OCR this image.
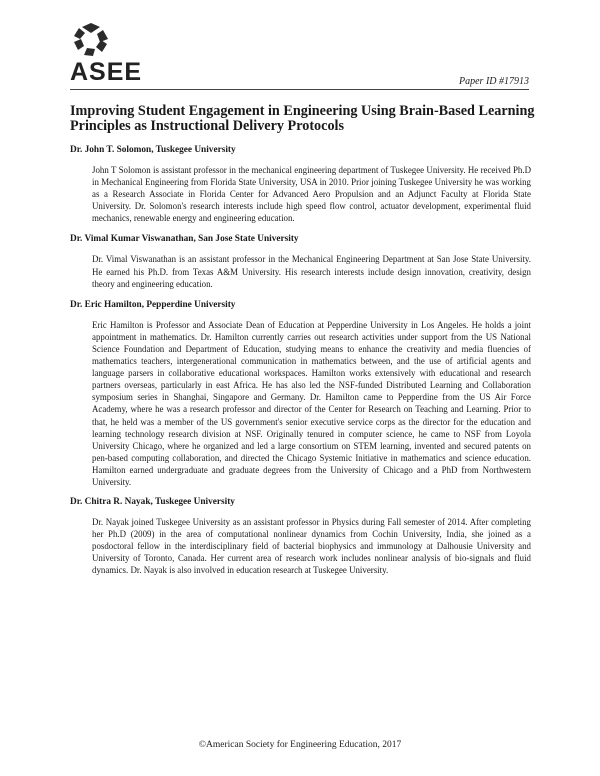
ASEE	Paper ID #17913
Improving Student Engagement in Engineering Using Brain-Based Learning Principles as Instructional Delivery Protocols

Dr. John T. Solomon, Tuskegee University

John T Solomon is assistant professor in the mechanical engineering department of Tuskegee University. He received Ph.D in Mechanical Engineering from Florida State University, USA in 2010. Prior joining Tuskegee University he was working as a Research Associate in Florida Center for Advanced Aero Propulsion and an Adjunct Faculty at Florida State University. Dr. Solomon's research interests include high speed flow control, actuator development, experimental fluid mechanics, renewable energy and engineering education.

Dr. Vimal Kumar Viswanathan, San Jose State University

Dr. Vimal Viswanathan is an assistant professor in the Mechanical Engineering Department at San Jose State University. He earned his Ph.D. from Texas A&M University. His research interests include design innovation, creativity, design theory and engineering education.

Dr. Eric Hamilton, Pepperdine University

Eric Hamilton is Professor and Associate Dean of Education at Pepperdine University in Los Angeles. He holds a joint appointment in mathematics. Dr. Hamilton currently carries out research activities under support from the US National Science Foundation and Department of Education, studying means to enhance the creativity and media fluencies of mathematics teachers, intergenerational communication in mathematics between, and the use of artificial agents and language parsers in collaborative educational workspaces. Hamilton works extensively with educational and research partners overseas, particularly in east Africa. He has also led the NSF-funded Distributed Learning and Collaboration symposium series in Shanghai, Singapore and Germany. Dr. Hamilton came to Pepperdine from the US Air Force Academy, where he was a research professor and director of the Center for Research on Teaching and Learning. Prior to that, he held was a member of the US government's senior executive service corps as the director for the education and learning technology research division at NSF. Originally tenured in computer science, he came to NSF from Loyola University Chicago, where he organized and led a large consortium on STEM learning, invented and secured patents on pen-based computing collaboration, and directed the Chicago Systemic Initiative in mathematics and science education. Hamilton earned undergraduate and graduate degrees from the University of Chicago and a PhD from Northwestern University.

Dr. Chitra R. Nayak, Tuskegee University

Dr. Nayak joined Tuskegee University as an assistant professor in Physics during Fall semester of 2014. After completing her Ph.D (2009) in the area of computational nonlinear dynamics from Cochin University, India, she joined as a posdoctoral fellow in the interdisciplinary field of bacterial biophysics and immunology at Dalhousie University and University of Toronto, Canada. Her current area of research work includes nonlinear analysis of bio-signals and fluid dynamics. Dr. Nayak is also involved in education research at Tuskegee University.

©American Society for Engineering Education, 2017
